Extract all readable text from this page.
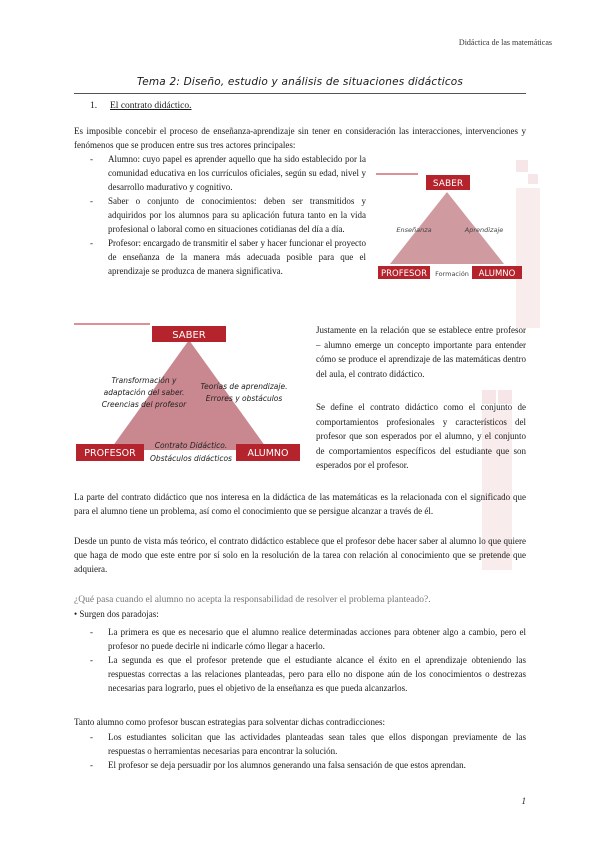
Didáctica de las matemáticas
Tema 2: Diseño, estudio y análisis de situaciones didácticos
1. El contrato didáctico.
Es imposible concebir el proceso de enseñanza-aprendizaje sin tener en consideración las interacciones, intervenciones y fenómenos que se producen entre sus tres actores principales:
- Alumno: cuyo papel es aprender aquello que ha sido establecido por la comunidad educativa en los currículos oficiales, según su edad, nivel y desarrollo madurativo y cognitivo.
- Saber o conjunto de conocimientos: deben ser transmitidos y adquiridos por los alumnos para su aplicación futura tanto en la vida profesional o laboral como en situaciones cotidianas del día a día.
- Profesor: encargado de transmitir el saber y hacer funcionar el proyecto de enseñanza de la manera más adecuada posible para que el aprendizaje se produzca de manera significativa.
SABER
Enseñanza	Aprendizaje
PROFESOR Formación ALUMNO
SABER
Transformación y
adaptación del saber.
Creencias del profesor
Teorías de aprendizaje.
Errores y obstáculos
Contrato Didáctico.
Obstáculos didácticos
PROFESOR	ALUMNO
Justamente en la relación que se establece entre profesor – alumno emerge un concepto importante para entender cómo se produce el aprendizaje de las matemáticas dentro del aula, el contrato didáctico.
Se define el contrato didáctico como el conjunto de comportamientos profesionales y característicos del profesor que son esperados por el alumno, y el conjunto de comportamientos específicos del estudiante que son esperados por el profesor.
La parte del contrato didáctico que nos interesa en la didáctica de las matemáticas es la relacionada con el significado que para el alumno tiene un problema, así como el conocimiento que se persigue alcanzar a través de él.
Desde un punto de vista más teórico, el contrato didáctico establece que el profesor debe hacer saber al alumno lo que quiere que haga de modo que este entre por sí solo en la resolución de la tarea con relación al conocimiento que se pretende que adquiera.
¿Qué pasa cuando el alumno no acepta la responsabilidad de resolver el problema planteado?.
• Surgen dos paradojas:
- La primera es que es necesario que el alumno realice determinadas acciones para obtener algo a cambio, pero el profesor no puede decirle ni indicarle cómo llegar a hacerlo.
- La segunda es que el profesor pretende que el estudiante alcance el éxito en el aprendizaje obteniendo las respuestas correctas a las relaciones planteadas, pero para ello no dispone aún de los conocimientos o destrezas necesarias para lograrlo, pues el objetivo de la enseñanza es que pueda alcanzarlos.
Tanto alumno como profesor buscan estrategias para solventar dichas contradicciones:
- Los estudiantes solicitan que las actividades planteadas sean tales que ellos dispongan previamente de las respuestas o herramientas necesarias para encontrar la solución.
- El profesor se deja persuadir por los alumnos generando una falsa sensación de que estos aprendan.
1
